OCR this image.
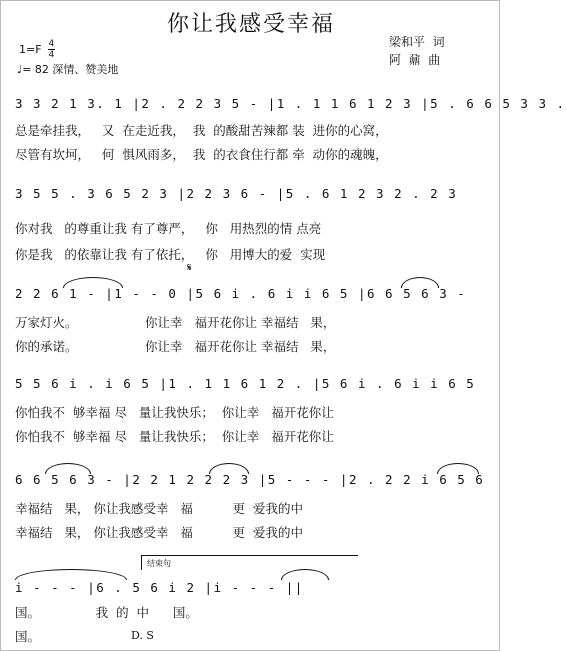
你让我感受幸福
1=F 4
4
♩= 82 深情、赞美地
梁和平  词
阿  鼐  曲
3 3 2 1 3. 1 |2 . 2 2 3 5 - |1 . 1 1 6 1 2 3 |5 . 6 6 5 3 3 .
总是牵挂我，   又  在走近我，  我  的酸甜苦辣都 装  进你的心窝，
尽管有坎坷，   何  惧风雨多，  我  的衣食住行都 牵  动你的魂魄，
3 5 5 . 3 6 5 2 3 |2 2 3 6 - |5 . 6 1 2 3 2 . 2 3
你对我   的尊重让我 有了尊严，   你   用热烈的情 点亮
你是我   的依靠让我 有了依托，   你   用博大的爱  实现
𝄋
2 2 6 1 - |1 - - 0 |5 6 i . 6 i i 6 5 |6 6 5 6 3 -
万家灯火。                 你让幸   福开花你让 幸福结   果，
你的承诺。                 你让幸   福开花你让 幸福结   果，
5 5 6 i . i 6 5 |1 . 1 1 6 1 2 . |5 6 i . 6 i i 6 5
你怕我不  够幸福 尽   量让我快乐；  你让幸   福开花你让
你怕我不  够幸福 尽   量让我快乐；  你让幸   福开花你让
6 6 5 6 3 - |2 2 1 2 2 2 3 |5 - - - |2 . 2 2 i 6 5 6
幸福结   果， 你让我感受幸   福          更  爱我的中
幸福结   果， 你让我感受幸   福          更  爱我的中
结束句
i - - - |6 . 5 6 i 2 |i - - - ||
国。              我  的  中      国。
国。	D. S
